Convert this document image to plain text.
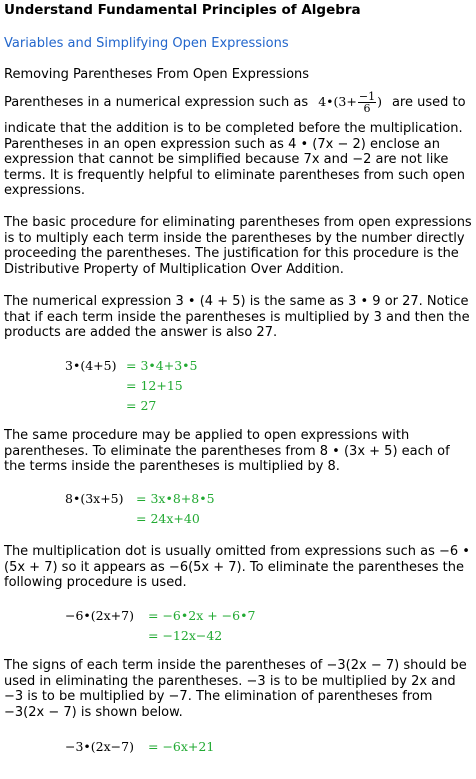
Understand Fundamental Principles of Algebra
Variables and Simplifying Open Expressions
Removing Parentheses From Open Expressions
Parentheses in a numerical expression such as 4•(3+ $\frac{-1}{6}$ ) are used to

indicate that the addition is to be completed before the multiplication. Parentheses in an open expression such as 4 • (7x − 2) enclose an expression that cannot be simplified because 7x and −2 are not like terms. It is frequently helpful to eliminate parentheses from such open expressions.

The basic procedure for eliminating parentheses from open expressions is to multiply each term inside the parentheses by the number directly proceeding the parentheses. The justification for this procedure is the Distributive Property of Multiplication Over Addition.

The numerical expression 3 • (4 + 5) is the same as 3 • 9 or 27. Notice that if each term inside the parentheses is multiplied by 3 and then the products are added the answer is also 27.

3•(4+5) = 3•4+3•5
= 12+15
= 27

The same procedure may be applied to open expressions with parentheses. To eliminate the parentheses from 8 • (3x + 5) each of the terms inside the parentheses is multiplied by 8.

8•(3x+5) = 3x•8+8•5
= 24x+40

The multiplication dot is usually omitted from expressions such as −6 • (5x + 7) so it appears as −6(5x + 7). To eliminate the parentheses the following procedure is used.

−6•(2x+7) = −6•2x + −6•7
= −12x−42

The signs of each term inside the parentheses of −3(2x − 7) should be used in eliminating the parentheses. −3 is to be multiplied by 2x and −3 is to be multiplied by −7. The elimination of parentheses from −3(2x − 7) is shown below.

−3•(2x−7) = −6x+21
